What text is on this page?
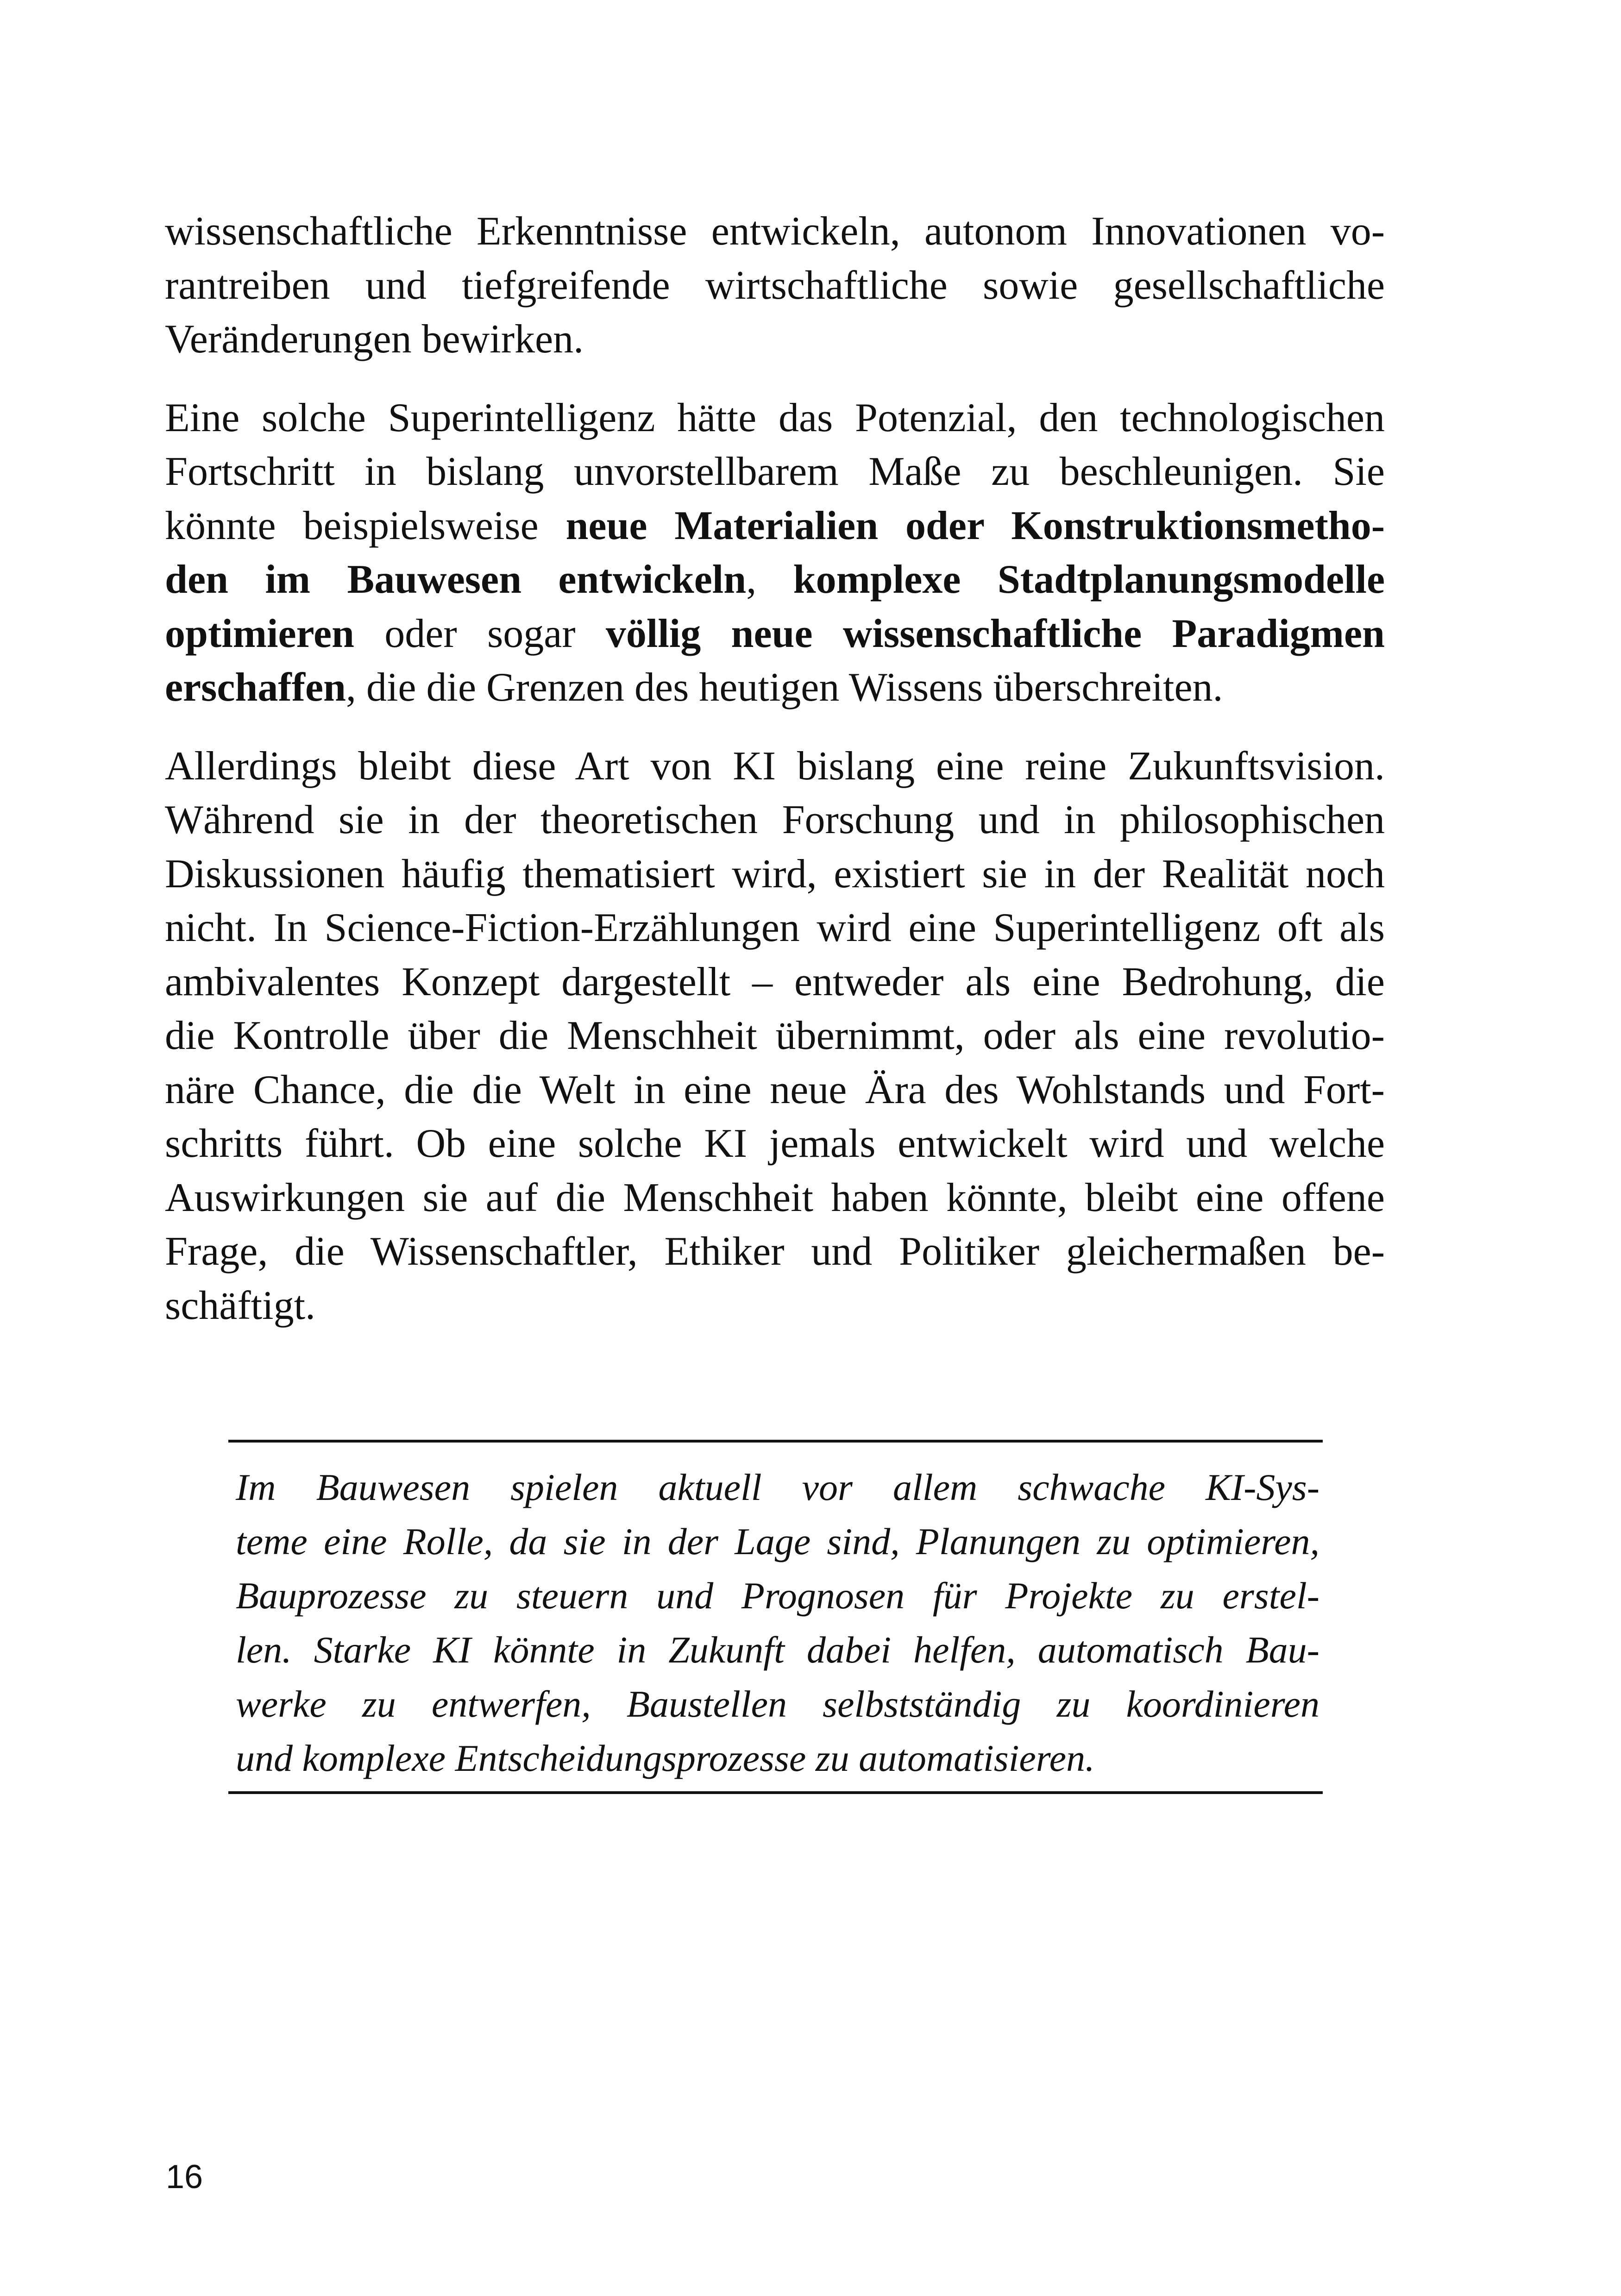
wissenschaftliche Erkenntnisse entwickeln, autonom Innovationen vo-
rantreiben und tiefgreifende wirtschaftliche sowie gesellschaftliche
Veränderungen bewirken.
Eine solche Superintelligenz hätte das Potenzial, den technologischen
Fortschritt in bislang unvorstellbarem Maße zu beschleunigen. Sie
könnte beispielsweise neue Materialien oder Konstruktionsmetho-
den im Bauwesen entwickeln, komplexe Stadtplanungsmodelle
optimieren oder sogar völlig neue wissenschaftliche Paradigmen
erschaffen, die die Grenzen des heutigen Wissens überschreiten.
Allerdings bleibt diese Art von KI bislang eine reine Zukunftsvision.
Während sie in der theoretischen Forschung und in philosophischen
Diskussionen häufig thematisiert wird, existiert sie in der Realität noch
nicht. In Science-Fiction-Erzählungen wird eine Superintelligenz oft als
ambivalentes Konzept dargestellt – entweder als eine Bedrohung, die
die Kontrolle über die Menschheit übernimmt, oder als eine revolutio-
näre Chance, die die Welt in eine neue Ära des Wohlstands und Fort-
schritts führt. Ob eine solche KI jemals entwickelt wird und welche
Auswirkungen sie auf die Menschheit haben könnte, bleibt eine offene
Frage, die Wissenschaftler, Ethiker und Politiker gleichermaßen be-
schäftigt.
Im Bauwesen spielen aktuell vor allem schwache KI-Sys-
teme eine Rolle, da sie in der Lage sind, Planungen zu optimieren,
Bauprozesse zu steuern und Prognosen für Projekte zu erstel-
len. Starke KI könnte in Zukunft dabei helfen, automatisch Bau-
werke zu entwerfen, Baustellen selbstständig zu koordinieren
und komplexe Entscheidungsprozesse zu automatisieren.
16
